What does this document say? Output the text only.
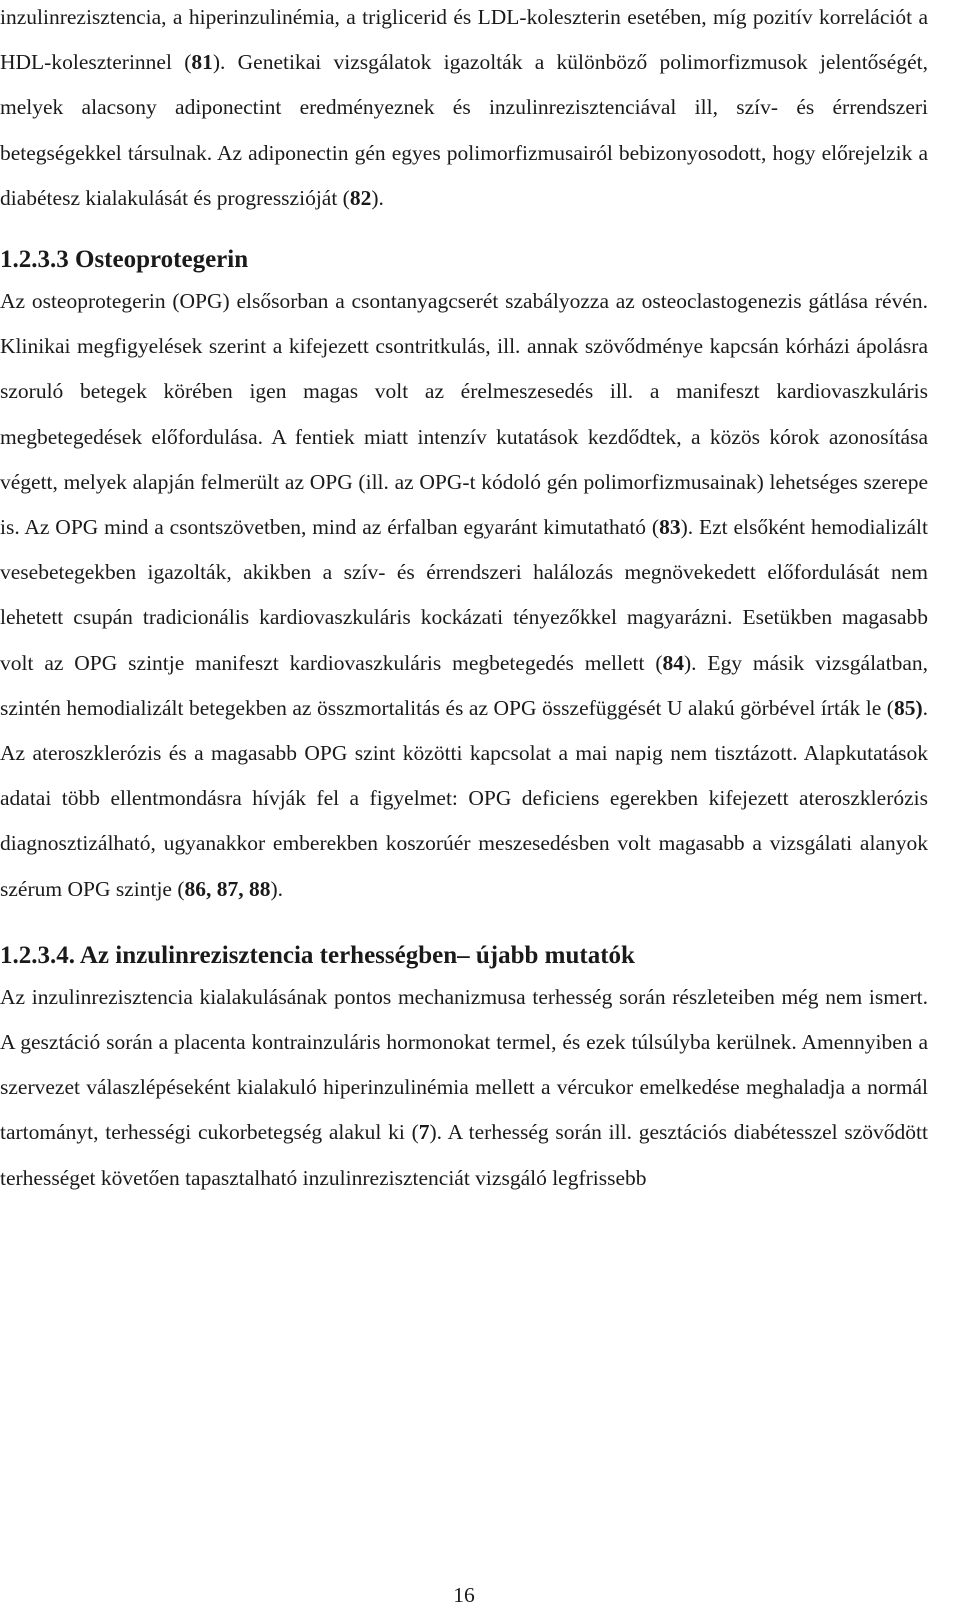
inzulinrezisztencia, a hiperinzulinémia, a triglicerid és LDL-koleszterin esetében, míg pozitív korrelációt a HDL-koleszterinnel (81). Genetikai vizsgálatok igazolták a különböző polimorfizmusok jelentőségét, melyek alacsony adiponectint eredményeznek és inzulinrezisztenciával ill, szív- és érrendszeri betegségekkel társulnak. Az adiponectin gén egyes polimorfizmusairól bebizonyosodott, hogy előrejelzik a diabétesz kialakulását és progresszióját (82).

1.2.3.3 Osteoprotegerin

Az osteoprotegerin (OPG) elsősorban a csontanyagcserét szabályozza az osteoclastogenezis gátlása révén. Klinikai megfigyelések szerint a kifejezett csontritkulás, ill. annak szövődménye kapcsán kórházi ápolásra szoruló betegek körében igen magas volt az érelmeszesedés ill. a manifeszt kardiovaszkuláris megbetegedések előfordulása. A fentiek miatt intenzív kutatások kezdődtek, a közös kórok azonosítása végett, melyek alapján felmerült az OPG (ill. az OPG-t kódoló gén polimorfizmusainak) lehetséges szerepe is. Az OPG mind a csontszövetben, mind az érfalban egyaránt kimutatható (83). Ezt elsőként hemodializált vesebetegekben igazolták, akikben a szív- és érrendszeri halálozás megnövekedett előfordulását nem lehetett csupán tradicionális kardiovaszkuláris kockázati tényezőkkel magyarázni. Esetükben magasabb volt az OPG szintje manifeszt kardiovaszkuláris megbetegedés mellett (84). Egy másik vizsgálatban, szintén hemodializált betegekben az összmortalitás és az OPG összefüggését U alakú görbével írták le (85). Az ateroszklerózis és a magasabb OPG szint közötti kapcsolat a mai napig nem tisztázott. Alapkutatások adatai több ellentmondásra hívják fel a figyelmet: OPG deficiens egerekben kifejezett ateroszklerózis diagnosztizálható, ugyanakkor emberekben koszorúér meszesedésben volt magasabb a vizsgálati alanyok szérum OPG szintje (86, 87, 88).

1.2.3.4. Az inzulinrezisztencia terhességben– újabb mutatók

Az inzulinrezisztencia kialakulásának pontos mechanizmusa terhesség során részleteiben még nem ismert. A gesztáció során a placenta kontrainzuláris hormonokat termel, és ezek túlsúlyba kerülnek. Amennyiben a szervezet válaszlépéseként kialakuló hiperinzulinémia mellett a vércukor emelkedése meghaladja a normál tartományt, terhességi cukorbetegség alakul ki (7). A terhesség során ill. gesztációs diabétesszel szövődött terhességet követően tapasztalható inzulinrezisztenciát vizsgáló legfrissebb

16
